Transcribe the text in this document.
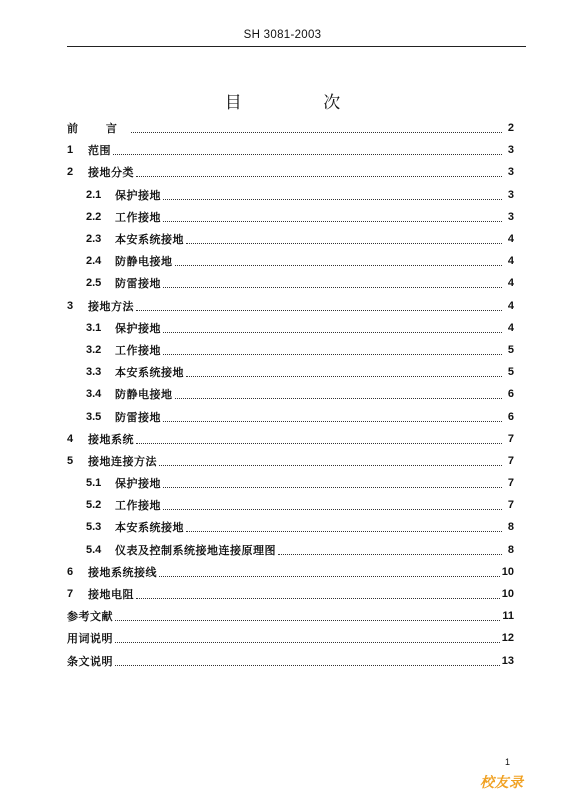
SH 3081-2003
目 次
前 言	2
1	范围	3
2	接地分类	3
2.1	保护接地	3
2.2	工作接地	3
2.3	本安系统接地	4
2.4	防静电接地	4
2.5	防雷接地	4
3	接地方法	4
3.1	保护接地	4
3.2	工作接地	5
3.3	本安系统接地	5
3.4	防静电接地	6
3.5	防雷接地	6
4	接地系统	7
5	接地连接方法	7
5.1	保护接地	7
5.2	工作接地	7
5.3	本安系统接地	8
5.4	仪表及控制系统接地连接原理图	8
6	接地系统接线	10
7	接地电阻	10
参考文献	11
用词说明	12
条文说明	13
1
校友录
